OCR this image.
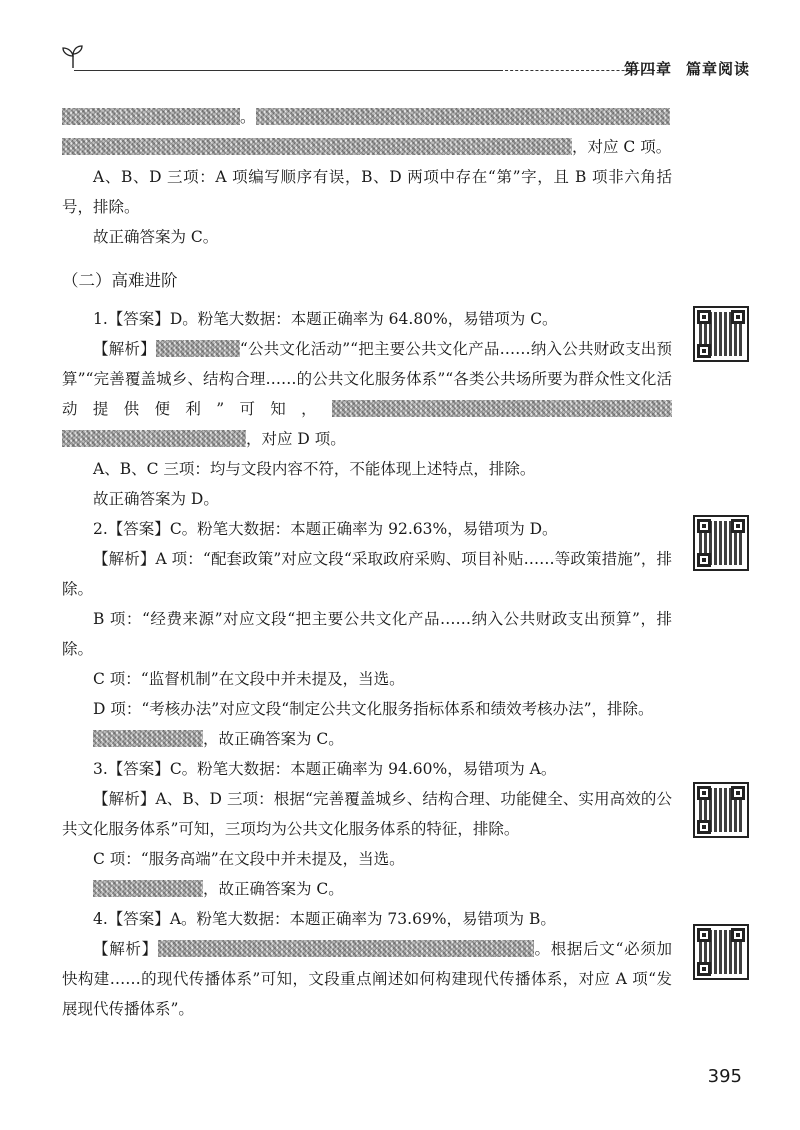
第四章 篇章阅读

。

，对应 C 项。

A、B、D 三项：A 项编写顺序有误，B、D 两项中存在“第”字，且 B 项非六角括号，排除。

故正确答案为 C。

（二）高难进阶

1.【答案】D。粉笔大数据：本题正确率为 64.80%，易错项为 C。

【解析】	“公共文化活动”“把主要公共文化产品……纳入公共财政支出预算”“完善覆盖城乡、结构合理……的公共文化服务体系”“各类公共场所要为群众性文化活动提供便利”可知，，对应 D 项。

A、B、C 三项：均与文段内容不符，不能体现上述特点，排除。

故正确答案为 D。

2.【答案】C。粉笔大数据：本题正确率为 92.63%，易错项为 D。

【解析】A 项：“配套政策”对应文段“采取政府采购、项目补贴……等政策措施”，排除。

B 项：“经费来源”对应文段“把主要公共文化产品……纳入公共财政支出预算”，排除。

C 项：“监督机制”在文段中并未提及，当选。

D 项：“考核办法”对应文段“制定公共文化服务指标体系和绩效考核办法”，排除。

，故正确答案为 C。

3.【答案】C。粉笔大数据：本题正确率为 94.60%，易错项为 A。

【解析】A、B、D 三项：根据“完善覆盖城乡、结构合理、功能健全、实用高效的公共文化服务体系”可知，三项均为公共文化服务体系的特征，排除。

C 项：“服务高端”在文段中并未提及，当选。

，故正确答案为 C。

4.【答案】A。粉笔大数据：本题正确率为 73.69%，易错项为 B。

【解析】	。根据后文“必须加快构建……的现代传播体系”可知，文段重点阐述如何构建现代传播体系，对应 A 项“发展现代传播体系”。

395
